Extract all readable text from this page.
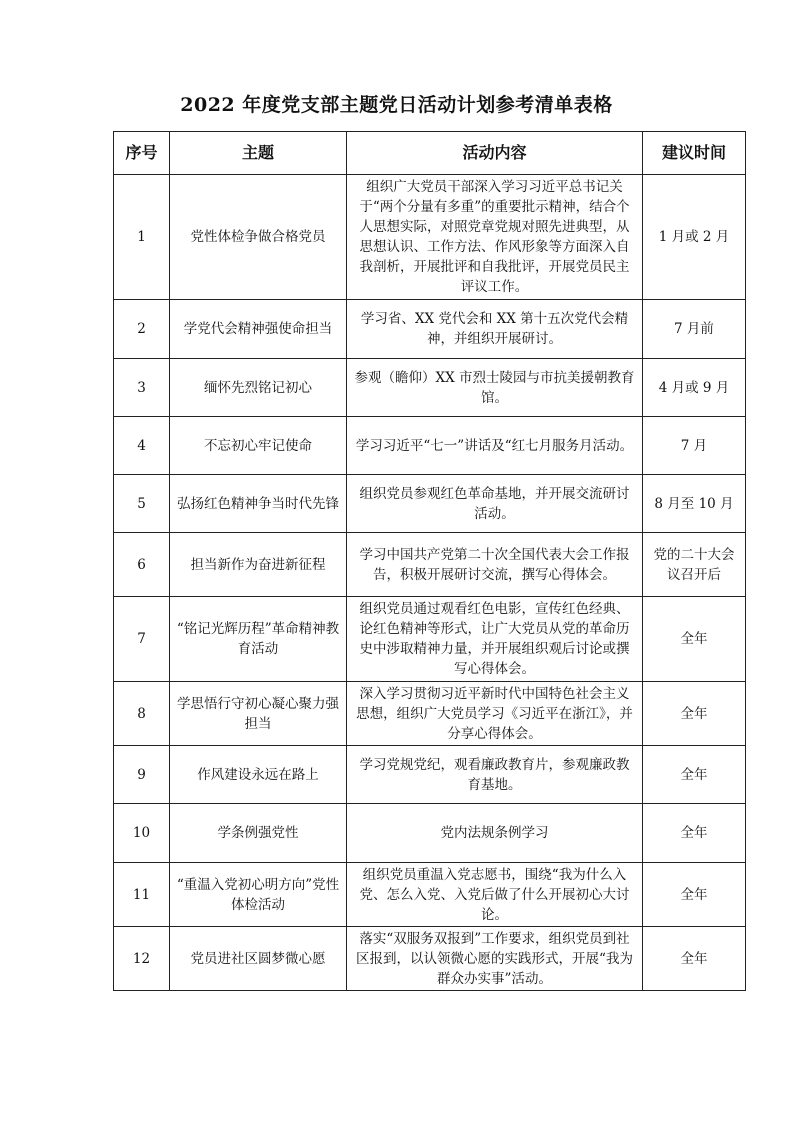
2022 年度党支部主题党日活动计划参考清单表格
序号	主题	活动内容	建议时间
1	党性体检争做合格党员	组织广大党员干部深入学习习近平总书记关于“两个分量有多重”的重要批示精神，结合个人思想实际，对照党章党规对照先进典型，从思想认识、工作方法、作风形象等方面深入自我剖析，开展批评和自我批评，开展党员民主评议工作。	1 月或 2 月
2	学党代会精神强使命担当	学习省、XX 党代会和 XX 第十五次党代会精神，并组织开展研讨。	7 月前
3	缅怀先烈铭记初心	参观（瞻仰）XX 市烈士陵园与市抗美援朝教育馆。	4 月或 9 月
4	不忘初心牢记使命	学习习近平“七一”讲话及“红七月服务月活动。	7 月
5	弘扬红色精神争当时代先锋	组织党员参观红色革命基地，并开展交流研讨活动。	8 月至 10 月
6	担当新作为奋进新征程	学习中国共产党第二十次全国代表大会工作报告，积极开展研讨交流，撰写心得体会。	党的二十大会议召开后
7	“铭记光辉历程”革命精神教育活动	组织党员通过观看红色电影，宣传红色经典、论红色精神等形式，让广大党员从党的革命历史中涉取精神力量，并开展组织观后讨论或撰写心得体会。	全年
8	学思悟行守初心凝心聚力强担当	深入学习贯彻习近平新时代中国特色社会主义思想，组织广大党员学习《习近平在浙江》，并分享心得体会。	全年
9	作风建设永远在路上	学习党规党纪，观看廉政教育片，参观廉政教育基地。	全年
10	学条例强党性	党内法规条例学习	全年
11	“重温入党初心明方向”党性体检活动	组织党员重温入党志愿书，围绕“我为什么入党、怎么入党、入党后做了什么开展初心大讨论。	全年
12	党员进社区圆梦微心愿	落实“双服务双报到”工作要求，组织党员到社区报到，以认领微心愿的实践形式，开展“我为群众办实事”活动。	全年
